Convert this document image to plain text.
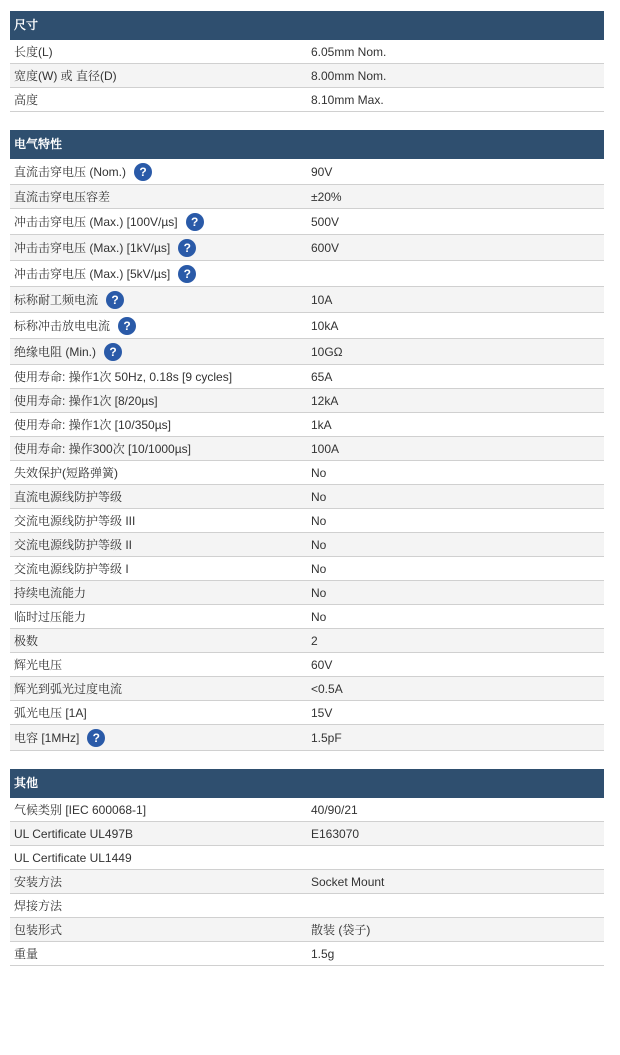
尺寸
长度(L)	6.05mm Nom.
宽度(W) 或 直径(D)	8.00mm Nom.
高度	8.10mm Max.
电气特性
直流击穿电压 (Nom.)	?	90V
直流击穿电压容差	±20%
冲击击穿电压 (Max.) [100V/µs]	?	500V
冲击击穿电压 (Max.) [1kV/µs]	?	600V
冲击击穿电压 (Max.) [5kV/µs]	?
标称耐工频电流	?	10A
标称冲击放电电流	?	10kA
绝缘电阻 (Min.)	?	10GΩ
使用寿命: 操作1次 50Hz, 0.18s [9 cycles]	65A
使用寿命: 操作1次 [8/20µs]	12kA
使用寿命: 操作1次 [10/350µs]	1kA
使用寿命: 操作300次 [10/1000µs]	100A
失效保护(短路弹簧)	No
直流电源线防护等级	No
交流电源线防护等级 III	No
交流电源线防护等级 II	No
交流电源线防护等级 I	No
持续电流能力	No
临时过压能力	No
极数	2
辉光电压	60V
辉光到弧光过度电流	<0.5A
弧光电压 [1A]	15V
电容 [1MHz]	?	1.5pF
其他
气候类别 [IEC 600068-1]	40/90/21
UL Certificate UL497B	E163070
UL Certificate UL1449
安装方法	Socket Mount
焊接方法
包装形式	散装 (袋子)
重量	1.5g
